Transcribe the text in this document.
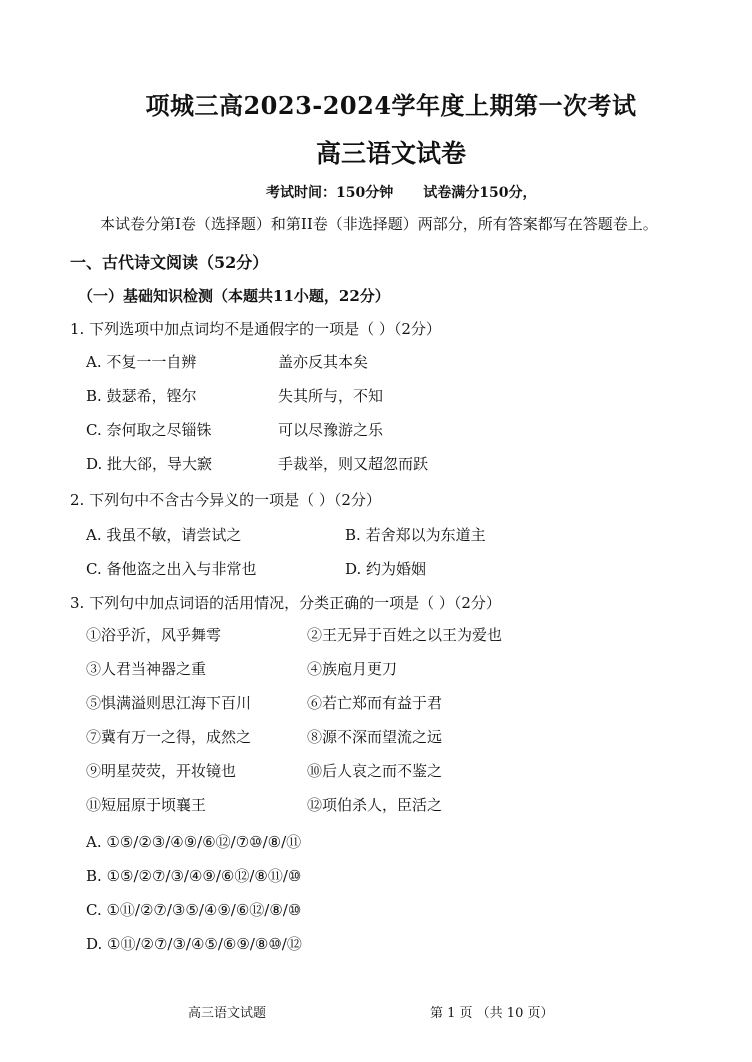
项城三高2023-2024学年度上期第一次考试
高三语文试卷
考试时间：150分钟 试卷满分150分，
本试卷分第I卷（选择题）和第II卷（非选择题）两部分，所有答案都写在答题卷上。
一、古代诗文阅读（52分）
（一）基础知识检测（本题共11小题，22分）
1. 下列选项中加点词均不是通假字的一项是（ ）（2分）
A. 不复一一自辨	盖亦反其本矣
B. 鼓瑟希，铿尔	失其所与，不知
C. 奈何取之尽锱铢	可以尽豫游之乐
D. 批大郤，导大窾	手裁举，则又超忽而跃
2. 下列句中不含古今异义的一项是（ ）（2分）
A. 我虽不敏，请尝试之	B. 若舍郑以为东道主
C. 备他盗之出入与非常也	D. 约为婚姻
3. 下列句中加点词语的活用情况，分类正确的一项是（ ）（2分）
①浴乎沂，风乎舞雩	②王无异于百姓之以王为爱也
③人君当神器之重	④族庖月更刀
⑤惧满溢则思江海下百川	⑥若亡郑而有益于君
⑦冀有万一之得，成然之	⑧源不深而望流之远
⑨明星荧荧，开妆镜也	⑩后人哀之而不鉴之
⑪短屈原于顷襄王	⑫项伯杀人，臣活之
A. ①⑤/②③/④⑨/⑥⑫/⑦⑩/⑧/⑪
B. ①⑤/②⑦/③/④⑨/⑥⑫/⑧⑪/⑩
C. ①⑪/②⑦/③⑤/④⑨/⑥⑫/⑧/⑩
D. ①⑪/②⑦/③/④⑤/⑥⑨/⑧⑩/⑫
高三语文试题	第 1 页 （共 10 页）
